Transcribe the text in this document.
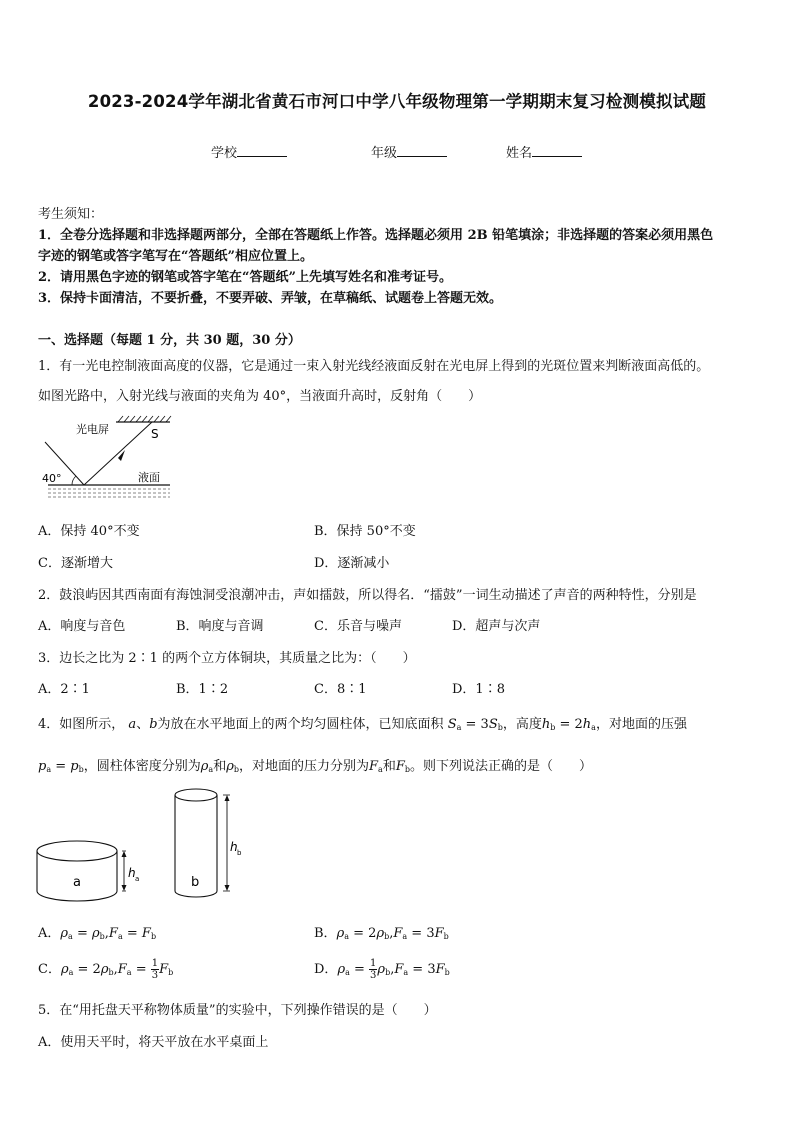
2023-2024学年湖北省黄石市河口中学八年级物理第一学期期末复习检测模拟试题
学校	年级	姓名
考生须知：
1．全卷分选择题和非选择题两部分，全部在答题纸上作答。选择题必须用 2B 铅笔填涂；非选择题的答案必须用黑色
字迹的钢笔或答字笔写在“答题纸”相应位置上。
2．请用黑色字迹的钢笔或答字笔在“答题纸”上先填写姓名和准考证号。
3．保持卡面清洁，不要折叠，不要弄破、弄皱，在草稿纸、试题卷上答题无效。
一、选择题（每题 1 分，共 30 题，30 分）
1．有一光电控制液面高度的仪器，它是通过一束入射光线经液面反射在光电屏上得到的光斑位置来判断液面高低的。
如图光路中，入射光线与液面的夹角为 40°，当液面升高时，反射角（　　）
光电屏	S
40°	液面
A．保持 40°不变	B．保持 50°不变
C．逐渐增大	D．逐渐减小
2．鼓浪屿因其西南面有海蚀洞受浪潮冲击，声如擂鼓，所以得名．“擂鼓”一词生动描述了声音的两种特性，分别是
A．响度与音色	B．响度与音调	C．乐音与噪声	D．超声与次声
3．边长之比为 2∶1 的两个立方体铜块，其质量之比为：（　　）
A．2∶1	B．1∶2	C．8∶1	D．1∶8
4．如图所示， a、b为放在水平地面上的两个均匀圆柱体，已知底面积 $S_a = 3S_b$，高度$h_b = 2h_a$，对地面的压强
$p_a = p_b$，圆柱体密度分别为$\rho_a$和$\rho_b$，对地面的压力分别为$F_a$和$F_b$。则下列说法正确的是（　　）
a
h a	b
h b
A．$\rho_a = \rho_b,F_a = F_b$	B．$\rho_a = 2\rho_b,F_a = 3F_b$
C．$\rho_a = 2\rho_b,F_a = \frac{1}{3} F_b$	D．$\rho_a = \frac{1}{3} \rho_b,F_a = 3F_b$
5．在“用托盘天平称物体质量”的实验中，下列操作错误的是（　　）
A．使用天平时，将天平放在水平桌面上
